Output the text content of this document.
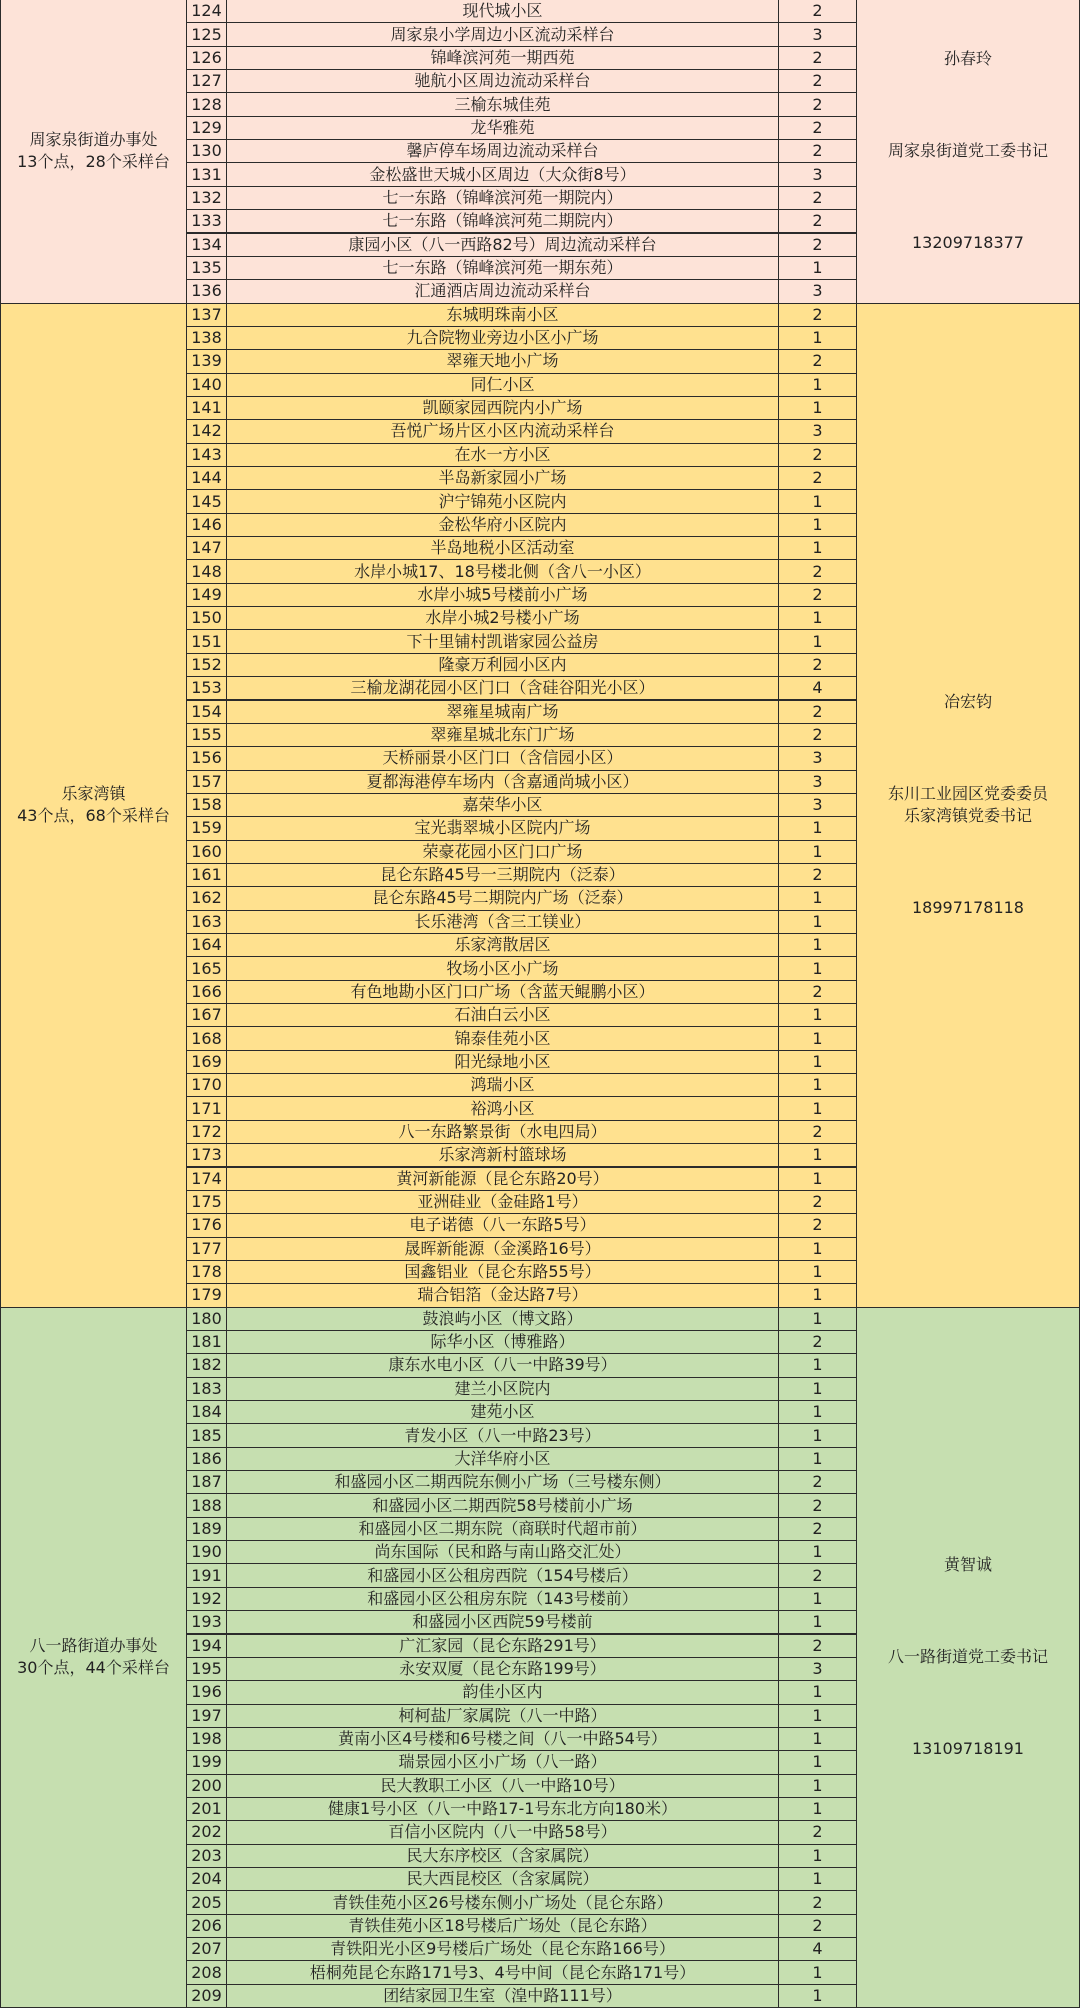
周家泉街道办事处
13个点，28个采样台
孙春玲
周家泉街道党工委书记
13209718377
124	现代城小区	2
125	周家泉小学周边小区流动采样台	3
126	锦峰滨河苑一期西苑	2
127	驰航小区周边流动采样台	2
128	三榆东城佳苑	2
129	龙华雅苑	2
130	馨庐停车场周边流动采样台	2
131	金松盛世天城小区周边（大众街8号）	3
132	七一东路（锦峰滨河苑一期院内）	2
133	七一东路（锦峰滨河苑二期院内）	2
134	康园小区（八一西路82号）周边流动采样台	2
135	七一东路（锦峰滨河苑一期东苑）	1
136	汇通酒店周边流动采样台	3
乐家湾镇
43个点，68个采样台
冶宏钧
东川工业园区党委委员
乐家湾镇党委书记
18997178118
137	东城明珠南小区	2
138	九合院物业旁边小区小广场	1
139	翠雍天地小广场	2
140	同仁小区	1
141	凯颐家园西院内小广场	1
142	吾悦广场片区小区内流动采样台	3
143	在水一方小区	2
144	半岛新家园小广场	2
145	沪宁锦苑小区院内	1
146	金松华府小区院内	1
147	半岛地税小区活动室	1
148	水岸小城17、18号楼北侧（含八一小区）	2
149	水岸小城5号楼前小广场	2
150	水岸小城2号楼小广场	1
151	下十里铺村凯谐家园公益房	1
152	隆豪万利园小区内	2
153	三榆龙湖花园小区门口（含硅谷阳光小区）	4
154	翠雍星城南广场	2
155	翠雍星城北东门广场	2
156	天桥丽景小区门口（含信园小区）	3
157	夏都海港停车场内（含嘉通尚城小区）	3
158	嘉荣华小区	3
159	宝光翡翠城小区院内广场	1
160	荣豪花园小区门口广场	1
161	昆仑东路45号一三期院内（泛泰）	2
162	昆仑东路45号二期院内广场（泛泰）	1
163	长乐港湾（含三工镁业）	1
164	乐家湾散居区	1
165	牧场小区小广场	1
166	有色地勘小区门口广场（含蓝天鲲鹏小区）	2
167	石油白云小区	1
168	锦泰佳苑小区	1
169	阳光绿地小区	1
170	鸿瑞小区	1
171	裕鸿小区	1
172	八一东路繁景街（水电四局）	2
173	乐家湾新村篮球场	1
174	黄河新能源（昆仑东路20号）	1
175	亚洲硅业（金硅路1号）	2
176	电子诺德（八一东路5号）	2
177	晟晖新能源（金溪路16号）	1
178	国鑫铝业（昆仑东路55号）	1
179	瑞合铝箔（金达路7号）	1
八一路街道办事处
30个点，44个采样台
黄智诚
八一路街道党工委书记
13109718191
180	鼓浪屿小区（博文路）	1
181	际华小区（博雅路）	2
182	康东水电小区（八一中路39号）	1
183	建兰小区院内	1
184	建苑小区	1
185	青发小区（八一中路23号）	1
186	大洋华府小区	1
187	和盛园小区二期西院东侧小广场（三号楼东侧）	2
188	和盛园小区二期西院58号楼前小广场	2
189	和盛园小区二期东院（商联时代超市前）	2
190	尚东国际（民和路与南山路交汇处）	1
191	和盛园小区公租房西院（154号楼后）	2
192	和盛园小区公租房东院（143号楼前）	1
193	和盛园小区西院59号楼前	1
194	广汇家园（昆仑东路291号）	2
195	永安双厦（昆仑东路199号）	3
196	韵佳小区内	1
197	柯柯盐厂家属院（八一中路）	1
198	黄南小区4号楼和6号楼之间（八一中路54号）	1
199	瑞景园小区小广场（八一路）	1
200	民大教职工小区（八一中路10号）	1
201	健康1号小区（八一中路17-1号东北方向180米）	1
202	百信小区院内（八一中路58号）	2
203	民大东序校区（含家属院）	1
204	民大西昆校区（含家属院）	1
205	青铁佳苑小区26号楼东侧小广场处（昆仑东路）	2
206	青铁佳苑小区18号楼后广场处（昆仑东路）	2
207	青铁阳光小区9号楼后广场处（昆仑东路166号）	4
208	梧桐苑昆仑东路171号3、4号中间（昆仑东路171号）	1
209	团结家园卫生室（湟中路111号）	1
